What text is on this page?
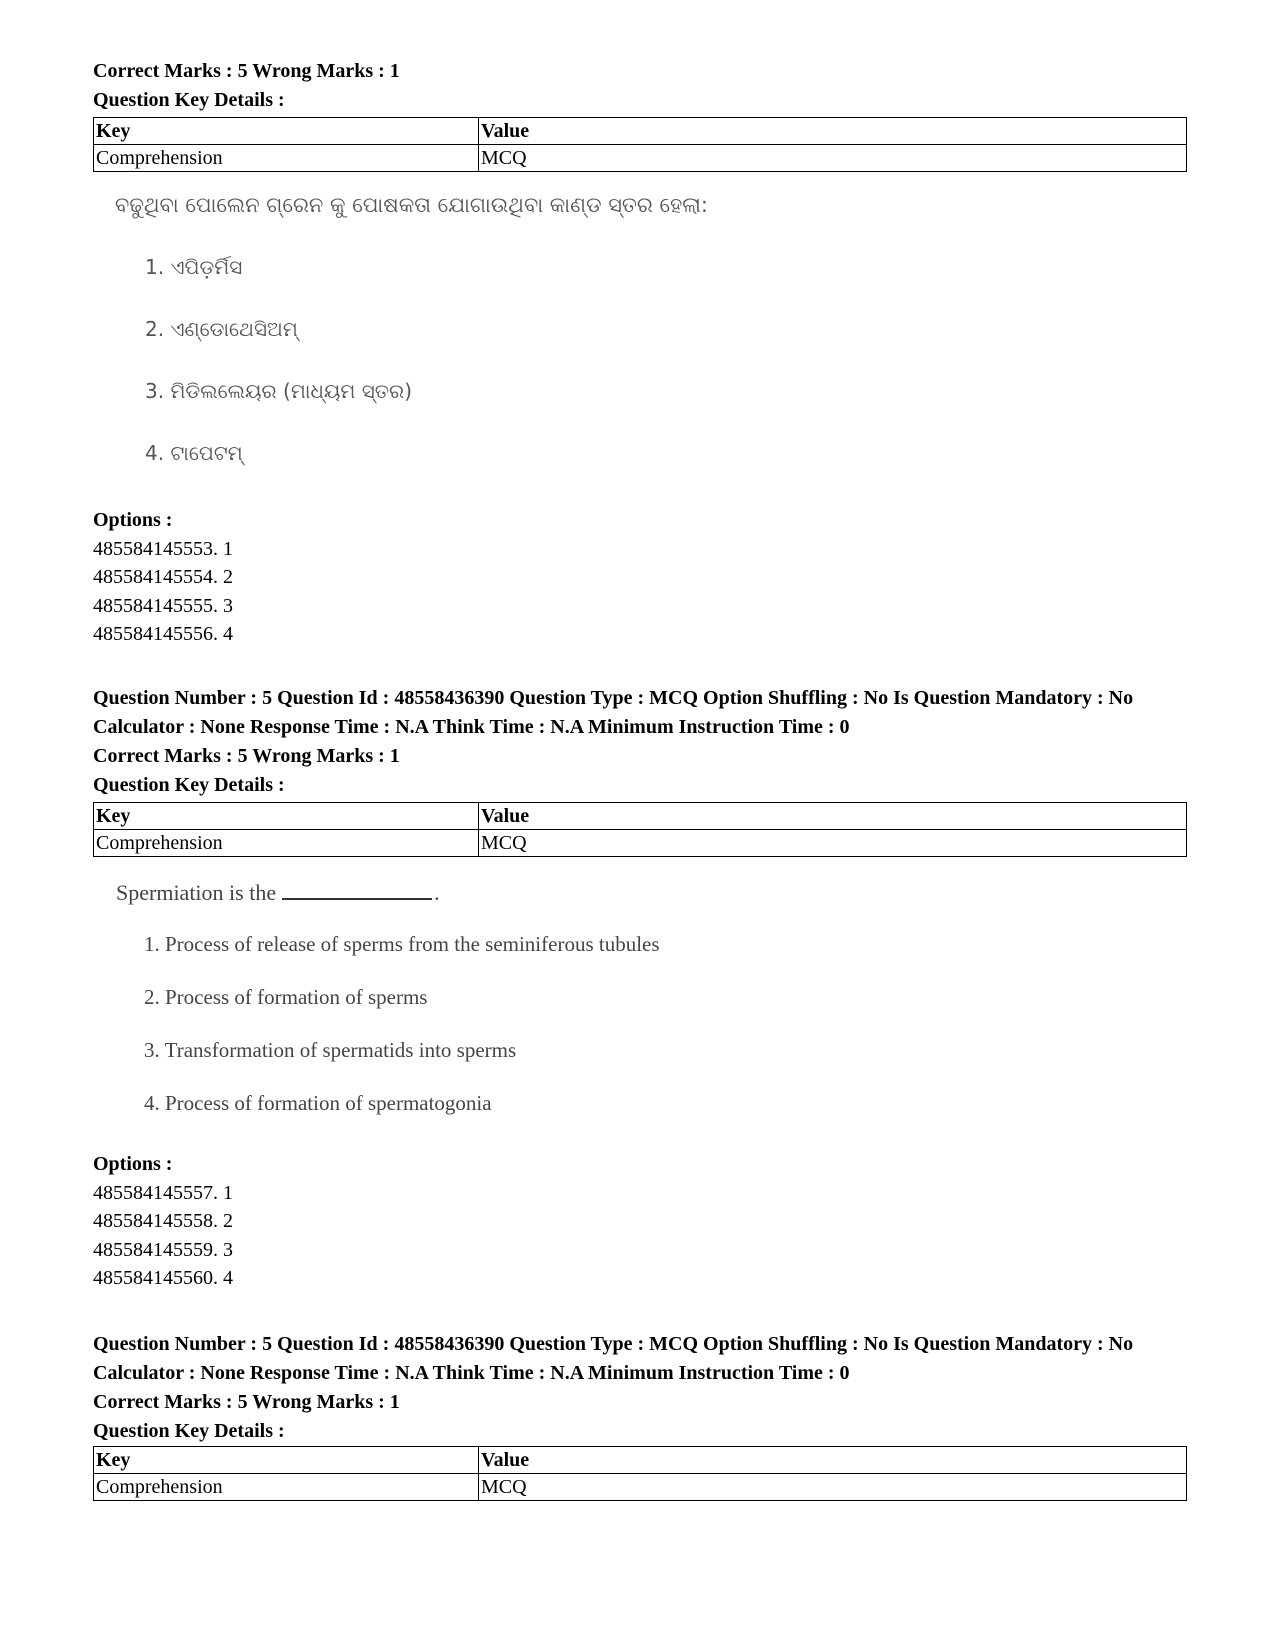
Correct Marks : 5 Wrong Marks : 1
Question Key Details :
Key	Value
Comprehension	MCQ
ବଢୁଥିବା ପୋଲେନ ଗ୍ରେନ କୁ ପୋଷକତା ଯୋଗାଉଥିବା କାଣ୍ଡ ସ୍ତର ହେଲା:
1. ଏପିଡ଼ର୍ମିସ
2. ଏଣ୍ଡୋଥେସିଅମ୍
3. ମିଡିଲଲେୟର (ମାଧ୍ୟମ ସ୍ତର)
4. ଟାପେଟମ୍
Options :
485584145553. 1
485584145554. 2
485584145555. 3
485584145556. 4
Question Number : 5 Question Id : 48558436390 Question Type : MCQ Option Shuffling : No Is Question Mandatory : No
Calculator : None Response Time : N.A Think Time : N.A Minimum Instruction Time : 0
Correct Marks : 5 Wrong Marks : 1
Question Key Details :
Key	Value
Comprehension	MCQ
Spermiation is the	.
1. Process of release of sperms from the seminiferous tubules
2. Process of formation of sperms
3. Transformation of spermatids into sperms
4. Process of formation of spermatogonia
Options :
485584145557. 1
485584145558. 2
485584145559. 3
485584145560. 4
Question Number : 5 Question Id : 48558436390 Question Type : MCQ Option Shuffling : No Is Question Mandatory : No
Calculator : None Response Time : N.A Think Time : N.A Minimum Instruction Time : 0
Correct Marks : 5 Wrong Marks : 1
Question Key Details :
Key	Value
Comprehension	MCQ
